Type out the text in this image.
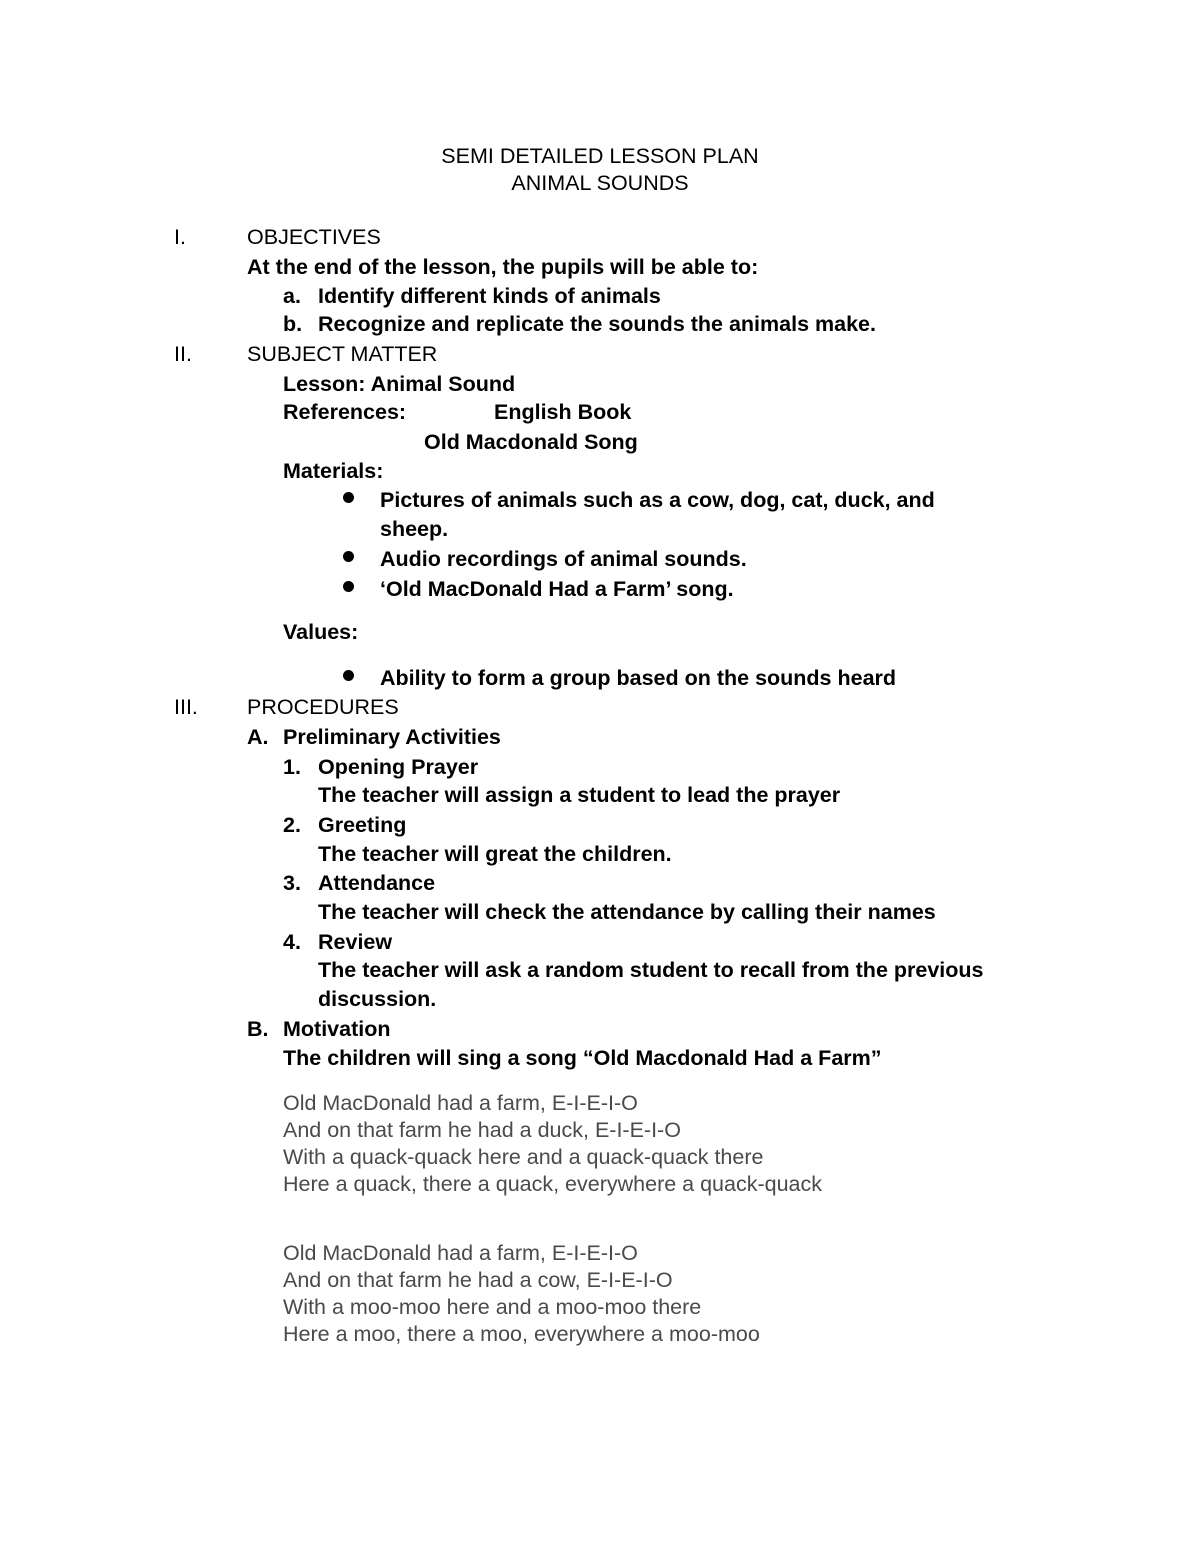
SEMI DETAILED LESSON PLAN
ANIMAL SOUNDS
I.	OBJECTIVES
At the end of the lesson, the pupils will be able to:
a. Identify different kinds of animals
b. Recognize and replicate the sounds the animals make.
II.	SUBJECT MATTER
Lesson: Animal Sound
References:	English Book
Old Macdonald Song
Materials:
Pictures of animals such as a cow, dog, cat, duck, and
sheep.
Audio recordings of animal sounds.
‘Old MacDonald Had a Farm’ song.
Values:
Ability to form a group based on the sounds heard
III. PROCEDURES
A. Preliminary Activities
1. Opening Prayer
The teacher will assign a student to lead the prayer
2. Greeting
The teacher will great the children.
3. Attendance
The teacher will check the attendance by calling their names
4. Review
The teacher will ask a random student to recall from the previous
discussion.
B. Motivation
The children will sing a song “Old Macdonald Had a Farm”
Old MacDonald had a farm, E-I-E-I-O
And on that farm he had a duck, E-I-E-I-O
With a quack-quack here and a quack-quack there
Here a quack, there a quack, everywhere a quack-quack
Old MacDonald had a farm, E-I-E-I-O
And on that farm he had a cow, E-I-E-I-O
With a moo-moo here and a moo-moo there
Here a moo, there a moo, everywhere a moo-moo
